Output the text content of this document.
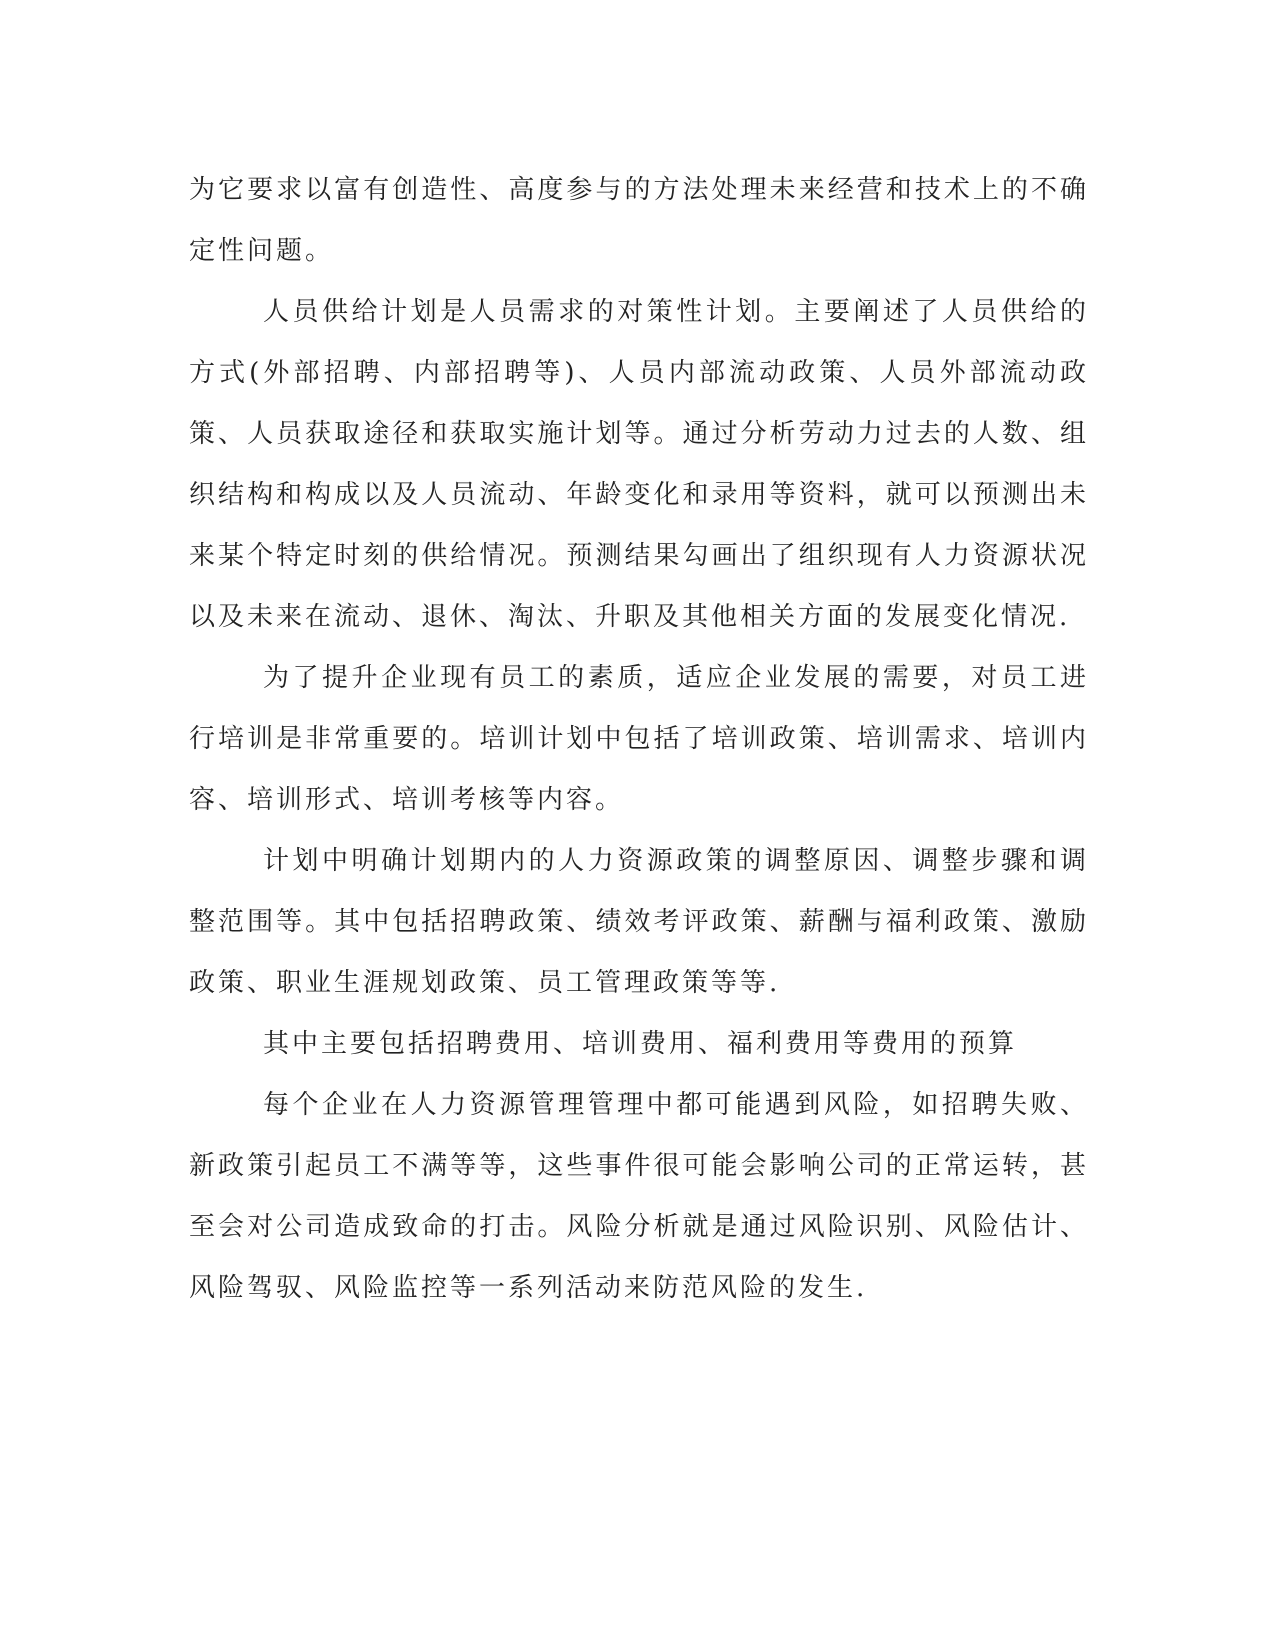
为它要求以富有创造性、高度参与的方法处理未来经营和技术上的不确定性问题。

人员供给计划是人员需求的对策性计划。主要阐述了人员供给的方式(外部招聘、内部招聘等)、人员内部流动政策、人员外部流动政策、人员获取途径和获取实施计划等。通过分析劳动力过去的人数、组织结构和构成以及人员流动、年龄变化和录用等资料，就可以预测出未来某个特定时刻的供给情况。预测结果勾画出了组织现有人力资源状况以及未来在流动、退休、淘汰、升职及其他相关方面的发展变化情况.

为了提升企业现有员工的素质，适应企业发展的需要，对员工进行培训是非常重要的。培训计划中包括了培训政策、培训需求、培训内容、培训形式、培训考核等内容。

计划中明确计划期内的人力资源政策的调整原因、调整步骤和调整范围等。其中包括招聘政策、绩效考评政策、薪酬与福利政策、激励政策、职业生涯规划政策、员工管理政策等等.

其中主要包括招聘费用、培训费用、福利费用等费用的预算

每个企业在人力资源管理管理中都可能遇到风险，如招聘失败、新政策引起员工不满等等，这些事件很可能会影响公司的正常运转，甚至会对公司造成致命的打击。风险分析就是通过风险识别、风险估计、风险驾驭、风险监控等一系列活动来防范风险的发生.
